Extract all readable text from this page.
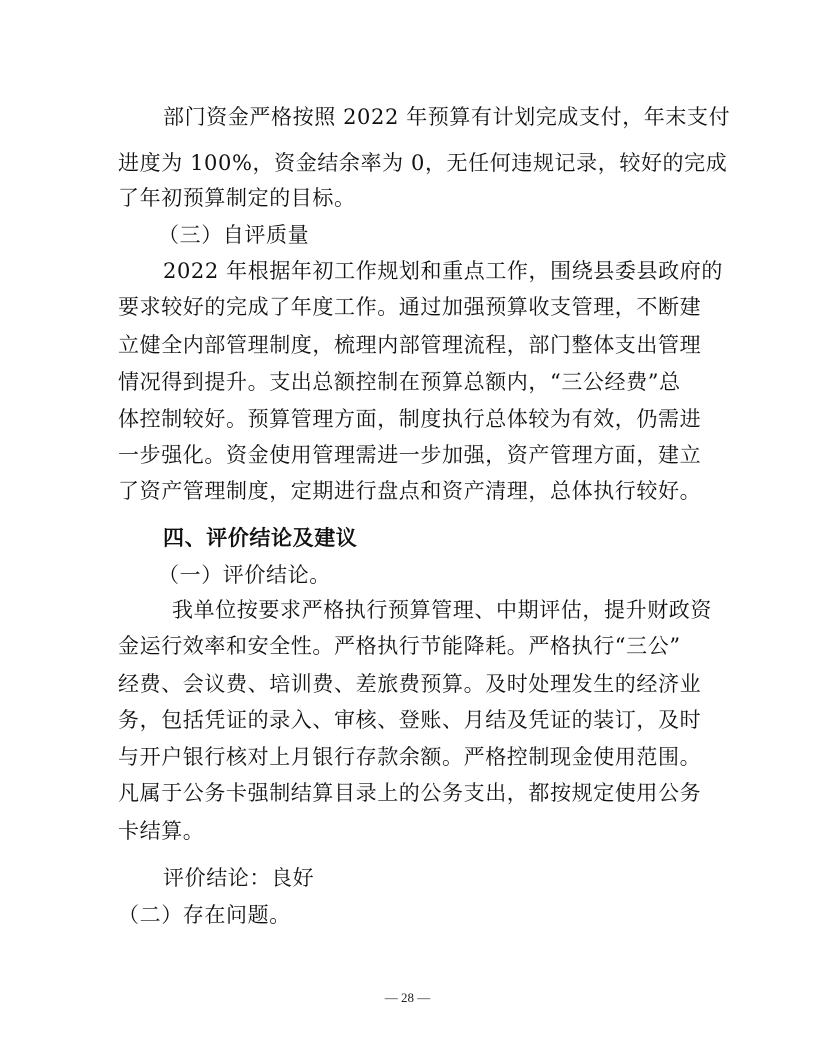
部门资金严格按照 2022 年预算有计划完成支付，年末支付
进度为 100%，资金结余率为 0，无任何违规记录，较好的完成
了年初预算制定的目标。
（三）自评质量
2022 年根据年初工作规划和重点工作，围绕县委县政府的
要求较好的完成了年度工作。通过加强预算收支管理，不断建
立健全内部管理制度，梳理内部管理流程，部门整体支出管理
情况得到提升。支出总额控制在预算总额内，“三公经费”总
体控制较好。预算管理方面，制度执行总体较为有效，仍需进
一步强化。资金使用管理需进一步加强，资产管理方面，建立
了资产管理制度，定期进行盘点和资产清理，总体执行较好。
四、评价结论及建议
（一）评价结论。
我单位按要求严格执行预算管理、中期评估，提升财政资
金运行效率和安全性。严格执行节能降耗。严格执行“三公”
经费、会议费、培训费、差旅费预算。及时处理发生的经济业
务，包括凭证的录入、审核、登账、月结及凭证的装订，及时
与开户银行核对上月银行存款余额。严格控制现金使用范围。
凡属于公务卡强制结算目录上的公务支出，都按规定使用公务
卡结算。
评价结论：良好
（二）存在问题。
— 28 —
